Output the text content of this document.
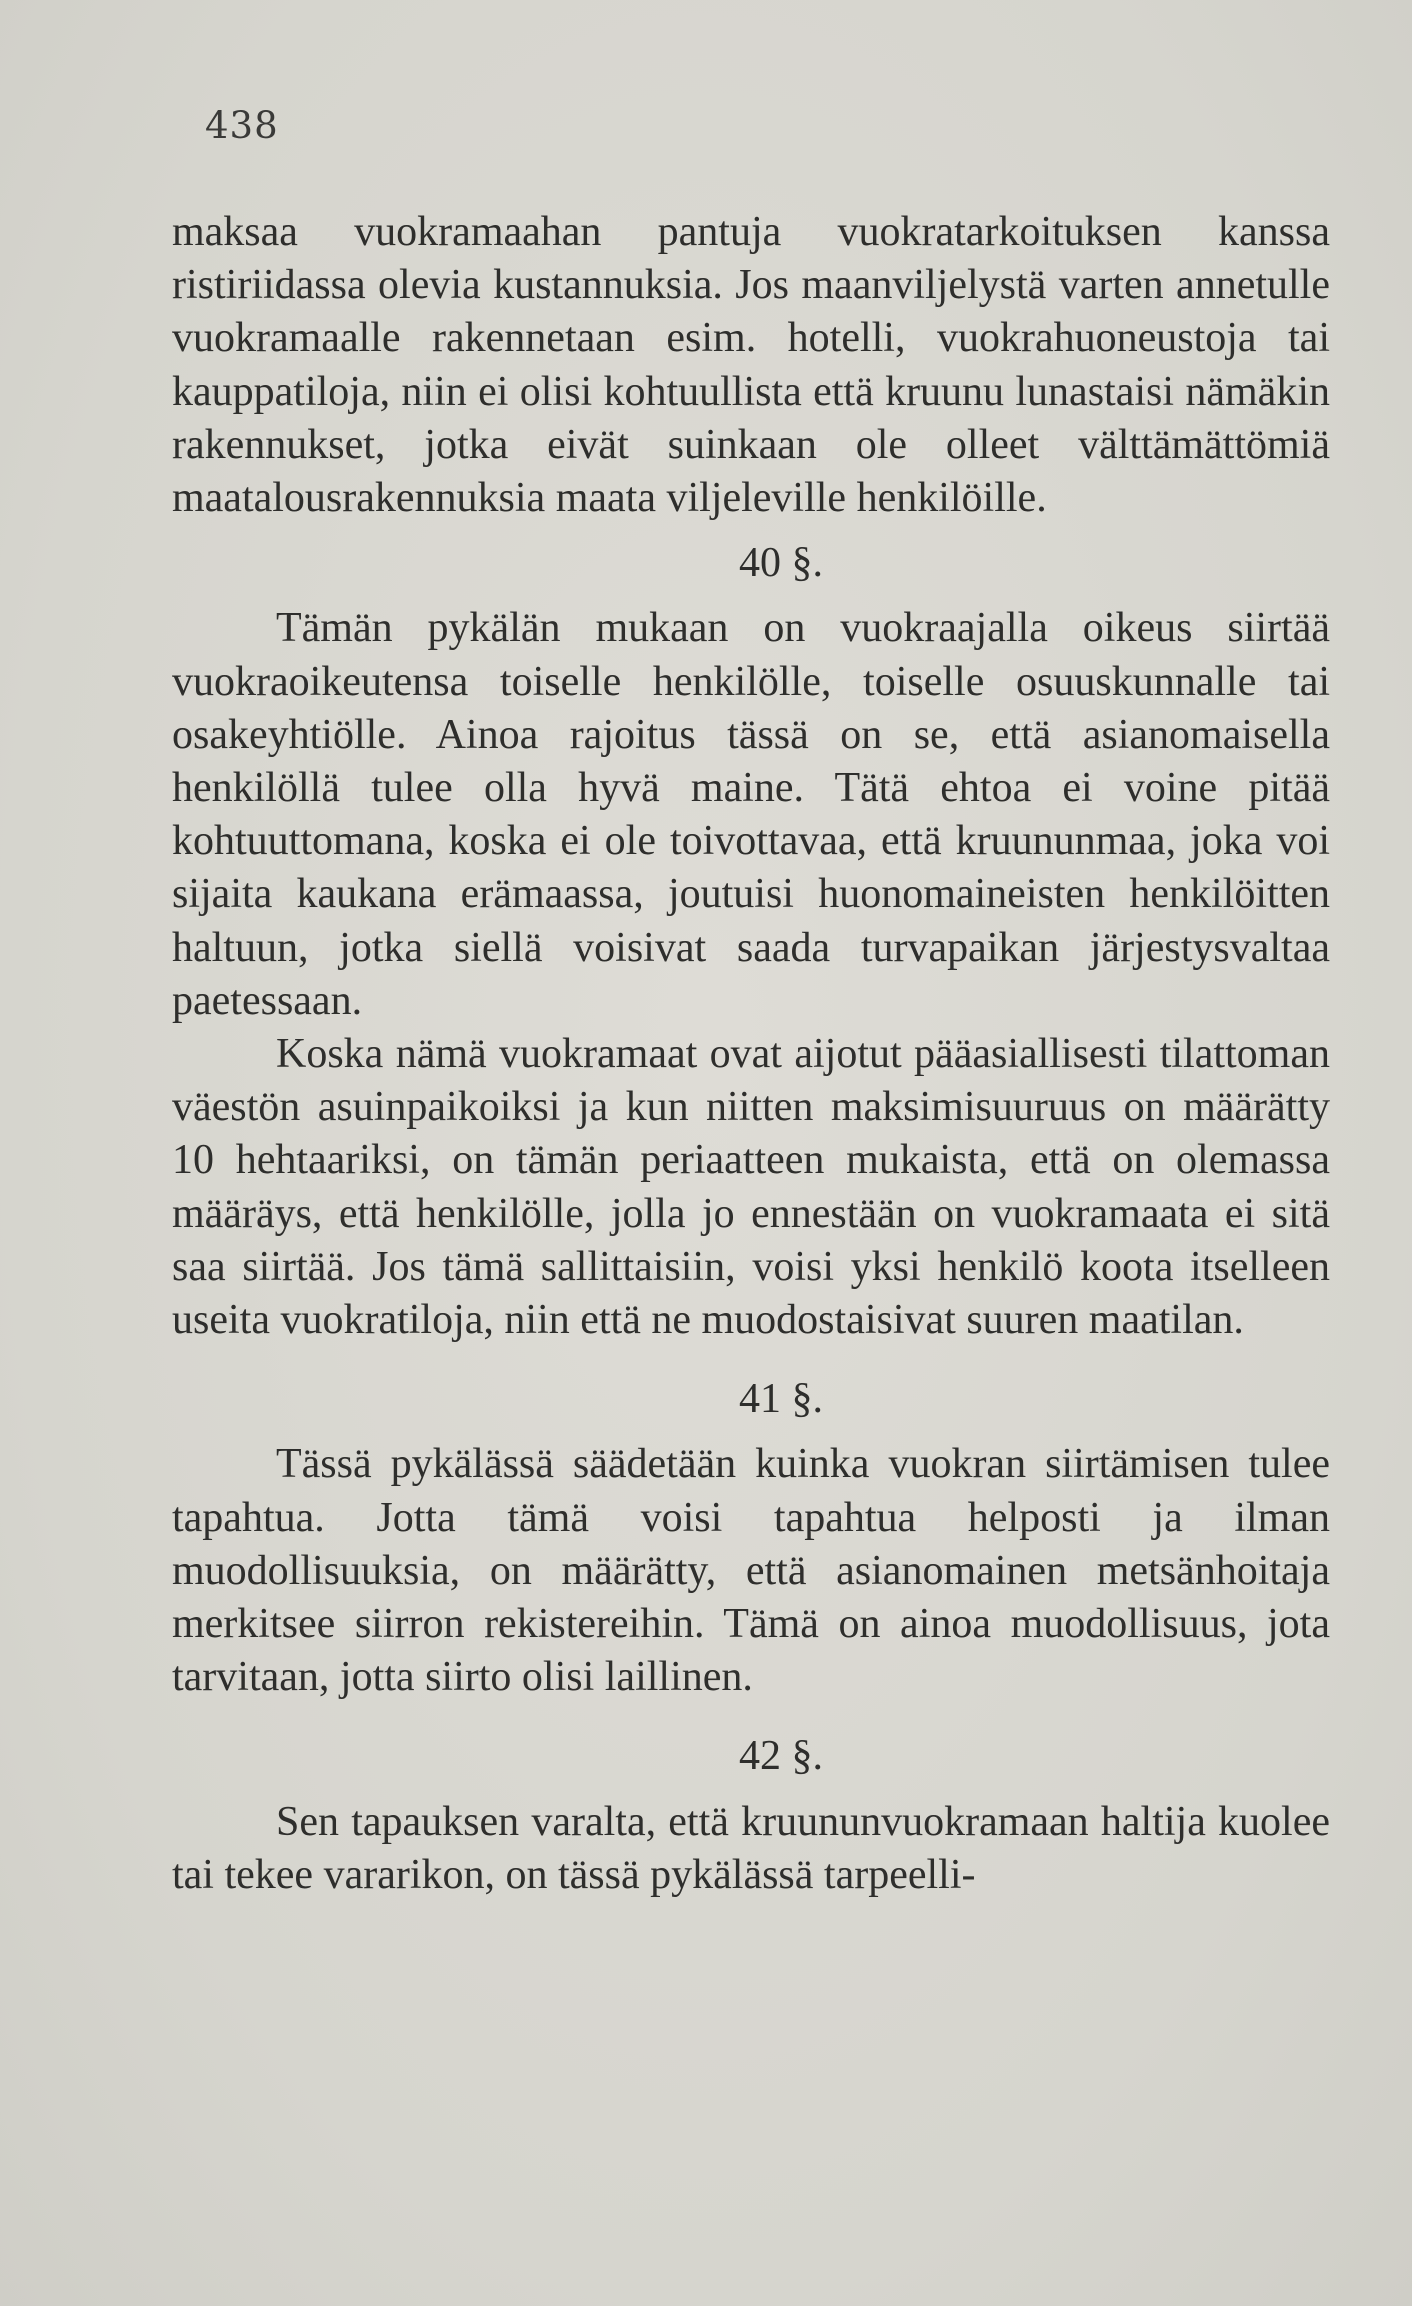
438

maksaa vuokramaahan pantuja vuokratarkoituksen kanssa ristiriidassa olevia kustannuksia. Jos maanviljelystä varten annetulle vuokramaalle rakennetaan esim. hotelli, vuokrahuoneustoja tai kauppatiloja, niin ei olisi kohtuullista että kruunu lunastaisi nämäkin rakennukset, jotka eivät suinkaan ole olleet välttämättömiä maatalousrakennuksia maata viljeleville henkilöille.

40 §.

Tämän pykälän mukaan on vuokraajalla oikeus siirtää vuokraoikeutensa toiselle henkilölle, toiselle osuuskunnalle tai osakeyhtiölle. Ainoa rajoitus tässä on se, että asianomaisella henkilöllä tulee olla hyvä maine. Tätä ehtoa ei voine pitää kohtuuttomana, koska ei ole toivottavaa, että kruununmaa, joka voi sijaita kaukana erämaassa, joutuisi huonomaineisten henkilöitten haltuun, jotka siellä voisivat saada turvapaikan järjestysvaltaa paetessaan.

Koska nämä vuokramaat ovat aijotut pääasiallisesti tilattoman väestön asuinpaikoiksi ja kun niitten maksimisuuruus on määrätty 10 hehtaariksi, on tämän periaatteen mukaista, että on olemassa määräys, että henkilölle, jolla jo ennestään on vuokramaata ei sitä saa siirtää. Jos tämä sallittaisiin, voisi yksi henkilö koota itselleen useita vuokratiloja, niin että ne muodostaisivat suuren maatilan.

41 §.

Tässä pykälässä säädetään kuinka vuokran siirtämisen tulee tapahtua. Jotta tämä voisi tapahtua helposti ja ilman muodollisuuksia, on määrätty, että asianomainen metsänhoitaja merkitsee siirron rekistereihin. Tämä on ainoa muodollisuus, jota tarvitaan, jotta siirto olisi laillinen.

42 §.

Sen tapauksen varalta, että kruununvuokramaan haltija kuolee tai tekee vararikon, on tässä pykälässä tarpeelli-
